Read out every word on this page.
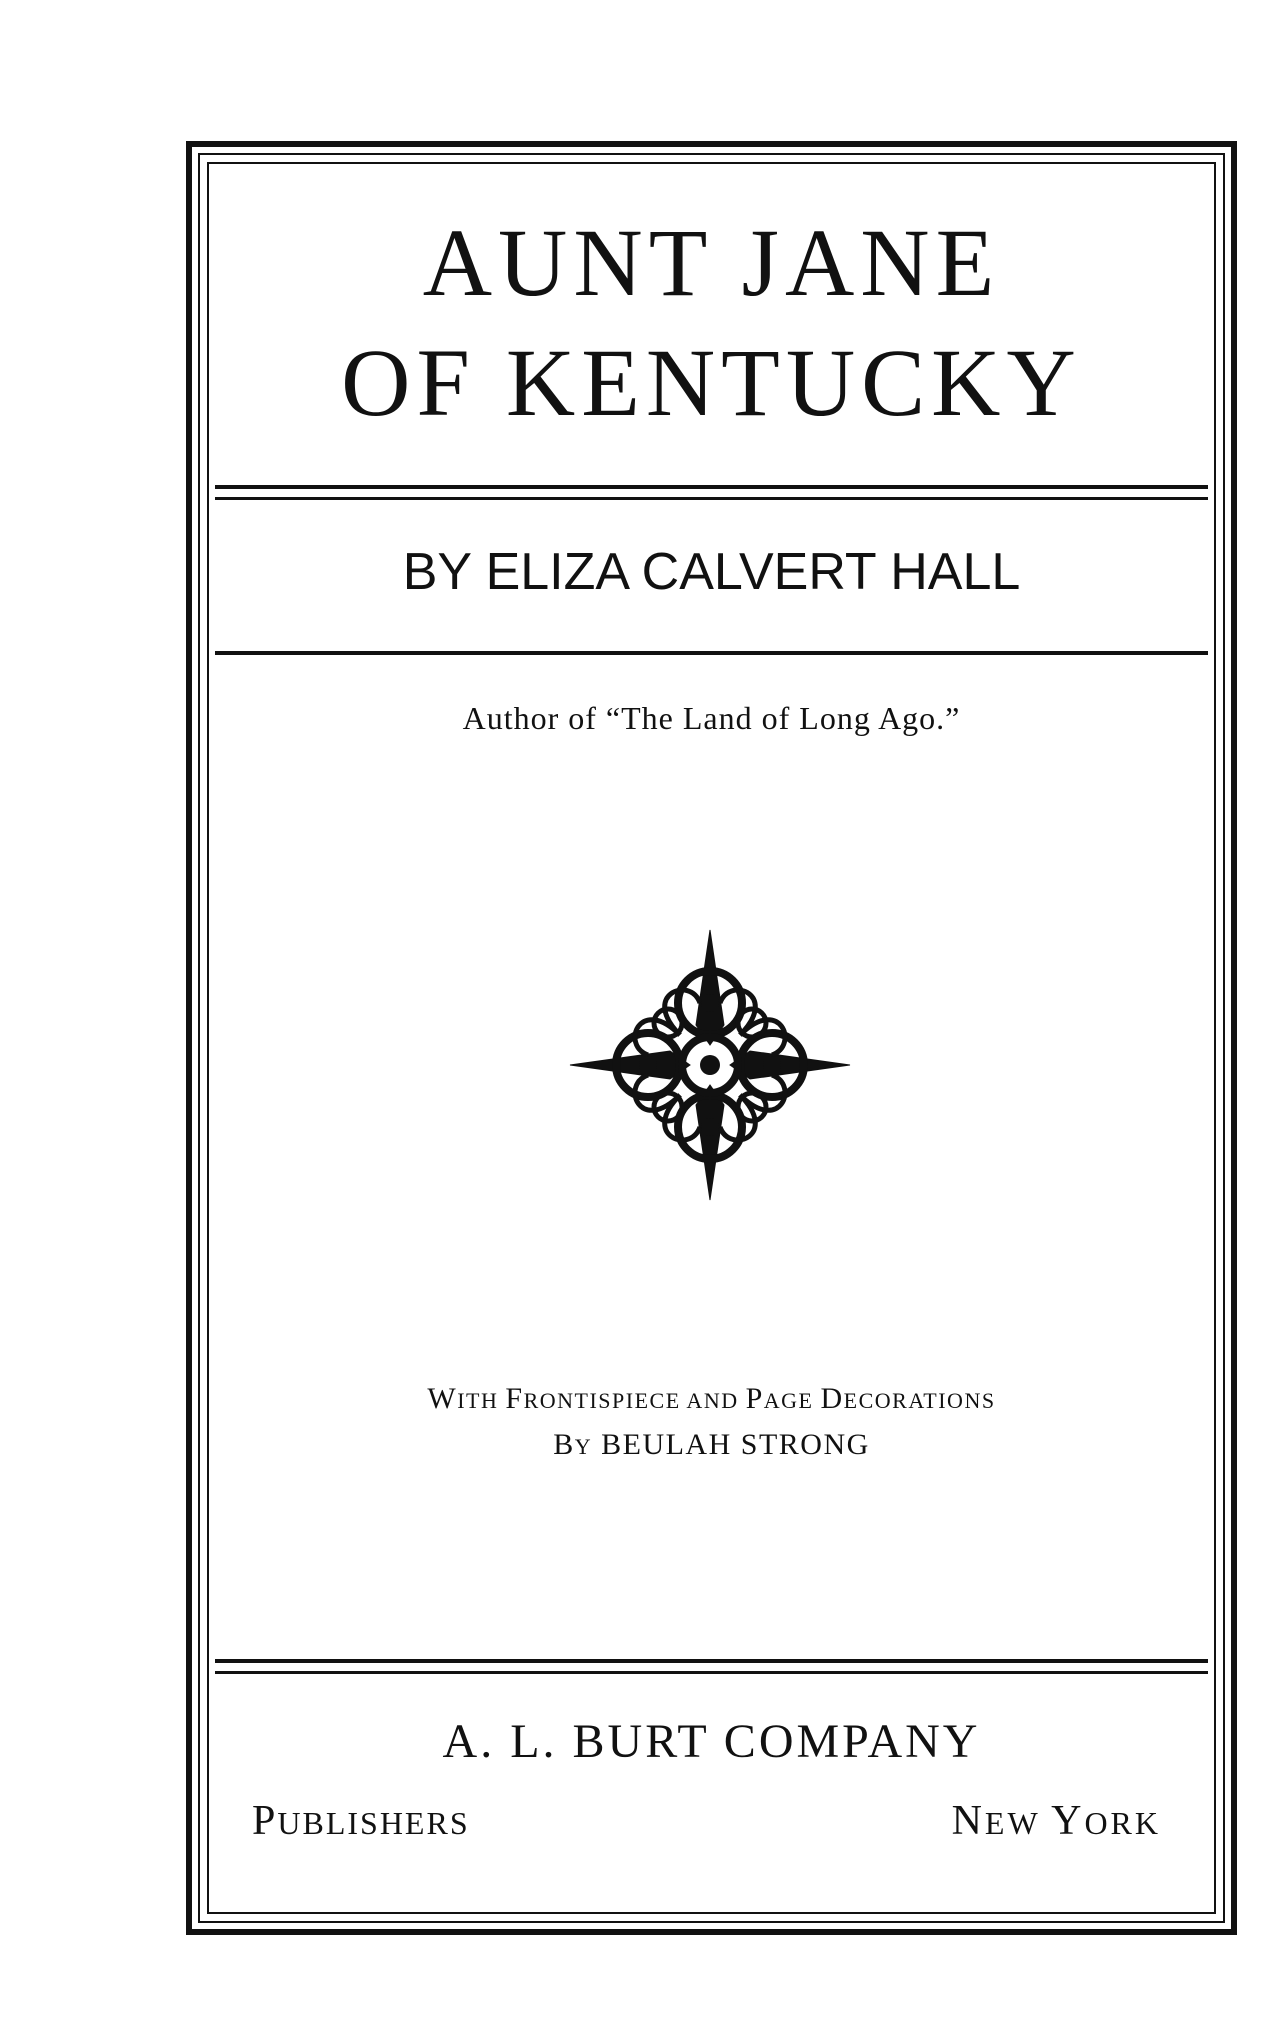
AUNT JANE
OF KENTUCKY
BY ELIZA CALVERT HALL
Author of “The Land of Long Ago.”
WITH FRONTISPIECE AND PAGE DECORATIONS
BY BEULAH STRONG
A. L. BURT COMPANY
PUBLISHERS	NEW YORK
